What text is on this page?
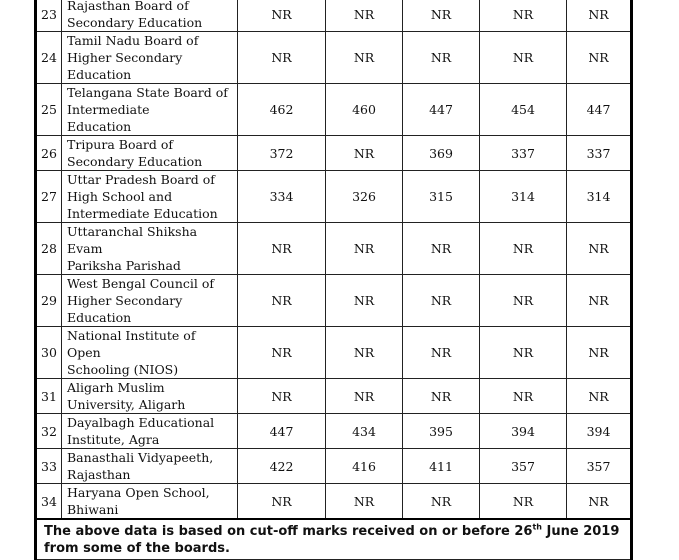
23	Rajasthan Board of
Secondary Education	NR	NR	NR	NR	NR
24	Tamil Nadu Board of
Higher Secondary
Education	NR	NR	NR	NR	NR
25	Telangana State Board of
Intermediate
Education	462	460	447	454	447
26	Tripura Board of
Secondary Education	372	NR	369	337	337
27	Uttar Pradesh Board of
High School and
Intermediate Education	334	326	315	314	314
28	Uttaranchal Shiksha Evam
Pariksha Parishad	NR	NR	NR	NR	NR
29	West Bengal Council of
Higher Secondary
Education	NR	NR	NR	NR	NR
30	National Institute of Open
Schooling (NIOS)	NR	NR	NR	NR	NR
31	Aligarh Muslim
University, Aligarh	NR	NR	NR	NR	NR
32	Dayalbagh Educational
Institute, Agra	447	434	395	394	394
33	Banasthali Vidyapeeth,
Rajasthan	422	416	411	357	357
34	Haryana Open School,
Bhiwani	NR	NR	NR	NR	NR
The above data is based on cut-off marks received on or before 26th June 2019 from some of the boards.						
